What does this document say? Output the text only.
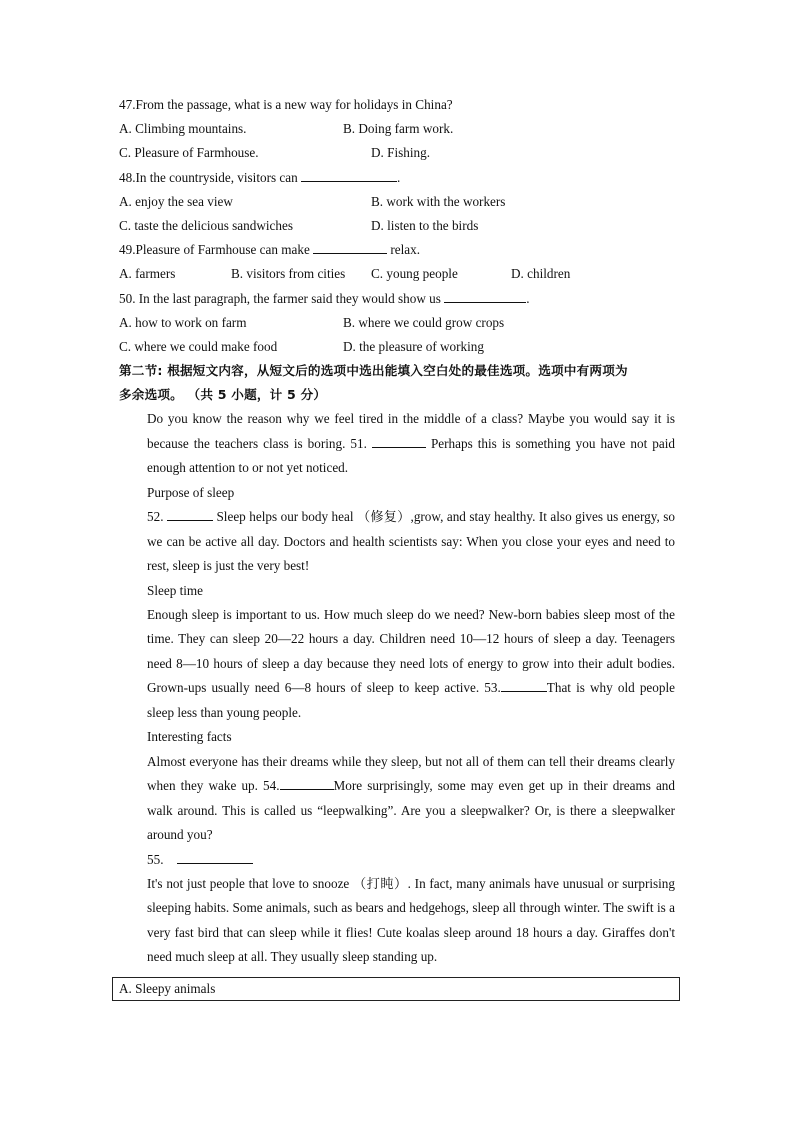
47.From the passage, what is a new way for holidays in China?
A. Climbing mountains.	B. Doing farm work.
C. Pleasure of Farmhouse.	D. Fishing.
48.In the countryside, visitors can	.
A. enjoy the sea view	B. work with the workers
C. taste the delicious sandwiches	D. listen to the birds
49.Pleasure of Farmhouse can make	relax.
A. farmers	B. visitors from cities C. young people	D. children
50. In the last paragraph, the farmer said they would show us	.
A. how to work on farm	B. where we could grow crops
C. where we could make food	D. the pleasure of working
第二节: 根据短文内容，从短文后的选项中选出能填入空白处的最佳选项。选项中有两项为
多余选项。 （共 5 小题，计 5 分）
Do you know the reason why we feel tired in the middle of a class? Maybe you would say it is because the teachers class is boring. 51.	Perhaps this is something you have not paid enough attention to or not yet noticed.
Purpose of sleep
52.	Sleep helps our body heal （修复）,grow, and stay healthy. It also gives us energy, so we can be active all day. Doctors and health scientists say: When you close your eyes and need to rest, sleep is just the very best!
Sleep time
Enough sleep is important to us. How much sleep do we need? New-born babies sleep most of the time. They can sleep 20—22 hours a day. Children need 10—12 hours of sleep a day. Teenagers need 8—10 hours of sleep a day because they need lots of energy to grow into their adult bodies. Grown-ups usually need 6—8 hours of sleep to keep active. 53.	That is why old people sleep less than young people.
Interesting facts
Almost everyone has their dreams while they sleep, but not all of them can tell their dreams clearly when they wake up. 54.	More surprisingly, some may even get up in their dreams and walk around. This is called us “leepwalking”. Are you a sleepwalker? Or, is there a sleepwalker around you?
55.
It's not just people that love to snooze （打盹）. In fact, many animals have unusual or surprising sleeping habits. Some animals, such as bears and hedgehogs, sleep all through winter. The swift is a very fast bird that can sleep while it flies! Cute koalas sleep around 18 hours a day. Giraffes don't need much sleep at all. They usually sleep standing up.
A. Sleepy animals
